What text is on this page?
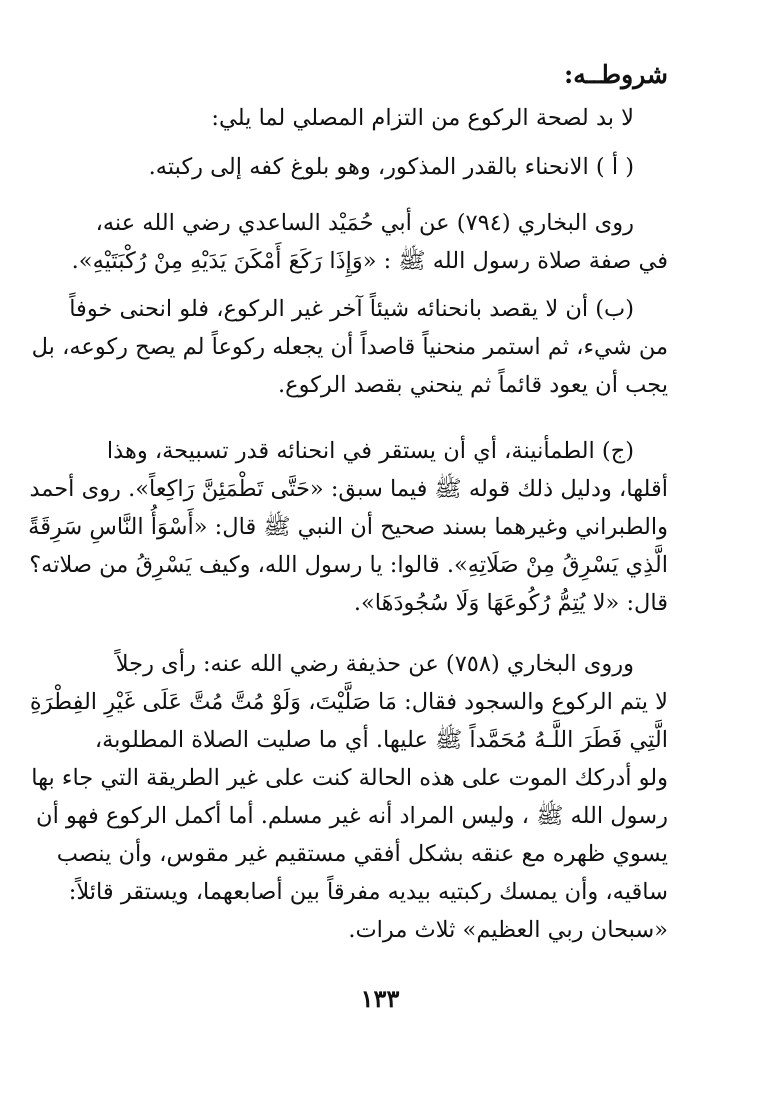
شروطــه:

لا بد لصحة الركوع من التزام المصلي لما يلي:

( أ ) الانحناء بالقدر المذكور، وهو بلوغ كفه إلى ركبته.

روى البخاري (٧٩٤) عن أبي حُمَيْد الساعدي رضي الله عنه،
في صفة صلاة رسول الله ﷺ : «وَإِذَا رَكَعَ أَمْكَنَ يَدَيْهِ مِنْ رُكْبَتَيْهِ».

(ب) أن لا يقصد بانحنائه شيئاً آخر غير الركوع، فلو انحنى خوفاً
من شيء، ثم استمر منحنياً قاصداً أن يجعله ركوعاً لم يصح ركوعه، بل
يجب أن يعود قائماً ثم ينحني بقصد الركوع.

(ج) الطمأنينة، أي أن يستقر في انحنائه قدر تسبيحة، وهذا
أقلها، ودليل ذلك قوله ﷺ فيما سبق: «حَتَّى تَطْمَئِنَّ رَاكِعاً». روى أحمد
والطبراني وغيرهما بسند صحيح أن النبي ﷺ قال: «أَسْوَأُ النَّاسِ سَرِقَةً
الَّذِي يَسْرِقُ مِنْ صَلَاتِهِ». قالوا: يا رسول الله، وكيف يَسْرِقُ من صلاته؟
قال: «لا يُتِمُّ رُكُوعَهَا وَلَا سُجُودَهَا».

وروى البخاري (٧٥٨) عن حذيفة رضي الله عنه: رأى رجلاً
لا يتم الركوع والسجود فقال: مَا صَلَّيْتَ، وَلَوْ مُتَّ مُتَّ عَلَى غَيْرِ الفِطْرَةِ
الَّتِي فَطَرَ اللَّـهُ مُحَمَّداً ﷺ عليها. أي ما صليت الصلاة المطلوبة،
ولو أدركك الموت على هذه الحالة كنت على غير الطريقة التي جاء بها
رسول الله ﷺ ، وليس المراد أنه غير مسلم. أما أكمل الركوع فهو أن
يسوي ظهره مع عنقه بشكل أفقي مستقيم غير مقوس، وأن ينصب
ساقيه، وأن يمسك ركبتيه بيديه مفرقاً بين أصابعهما، ويستقر قائلاً:
«سبحان ربي العظيم» ثلاث مرات.

١٣٣
